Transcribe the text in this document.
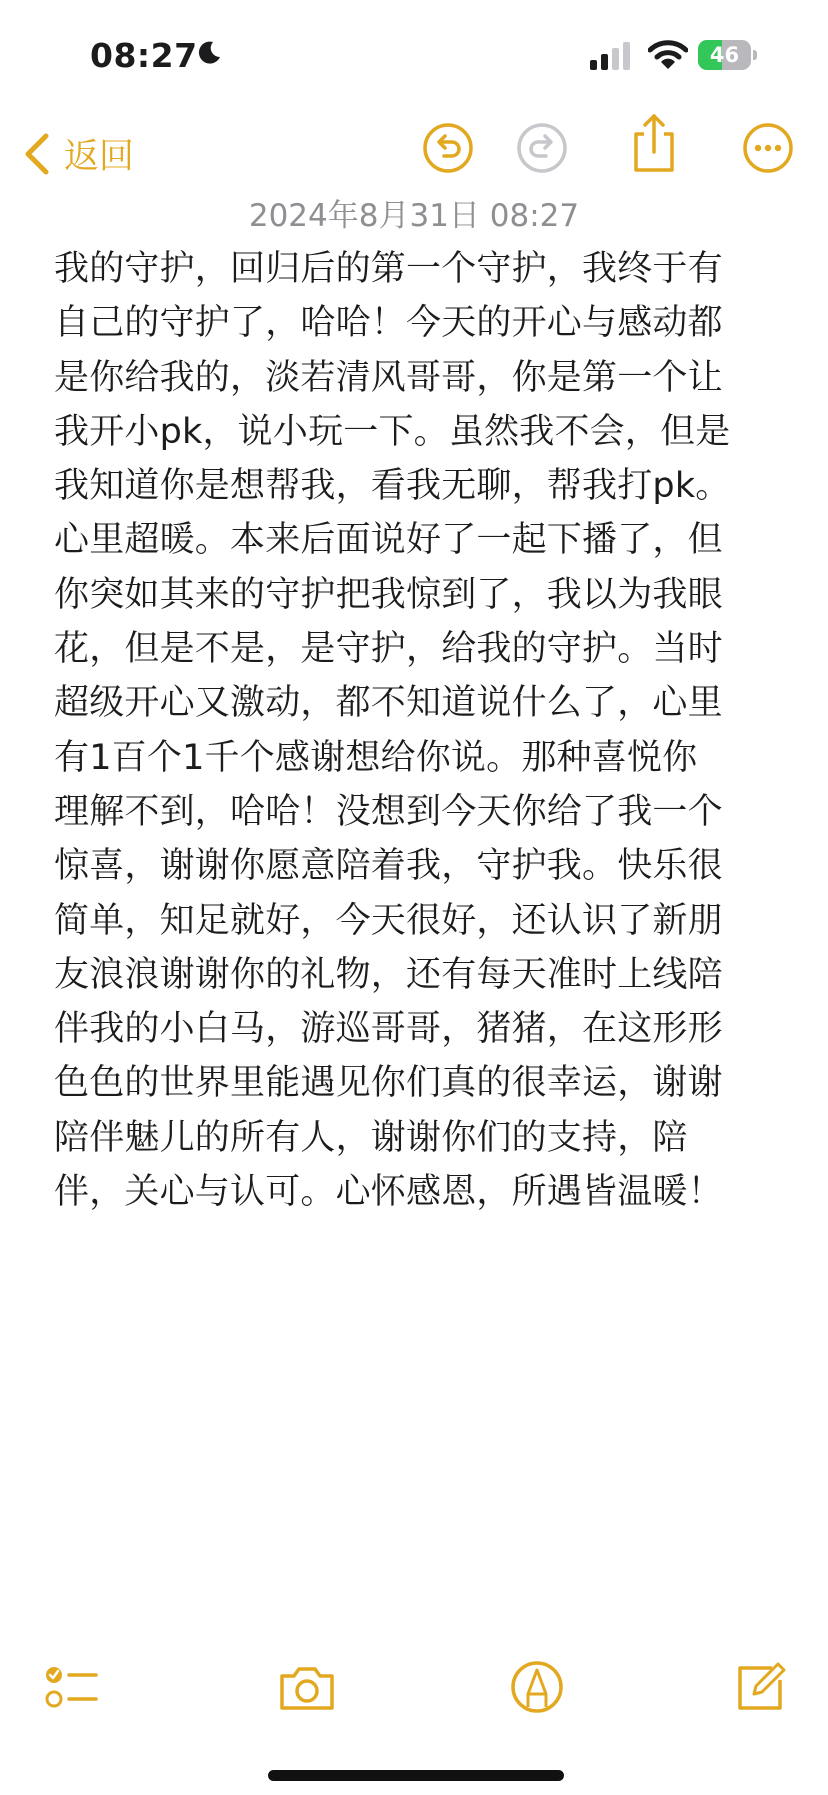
08:27	46
返回
2024年8月31日 08:27
我的守护，回归后的第一个守护，我终于有
自己的守护了，哈哈！今天的开心与感动都
是你给我的，淡若清风哥哥，你是第一个让
我开小pk，说小玩一下。虽然我不会，但是
我知道你是想帮我，看我无聊，帮我打pk。
心里超暖。本来后面说好了一起下播了，但
你突如其来的守护把我惊到了，我以为我眼
花，但是不是，是守护，给我的守护。当时
超级开心又激动，都不知道说什么了，心里
有1百个1千个感谢想给你说。那种喜悦你
理解不到，哈哈！没想到今天你给了我一个
惊喜，谢谢你愿意陪着我，守护我。快乐很
简单，知足就好，今天很好，还认识了新朋
友浪浪谢谢你的礼物，还有每天准时上线陪
伴我的小白马，游巡哥哥，猪猪，在这形形
色色的世界里能遇见你们真的很幸运，谢谢
陪伴魅儿的所有人，谢谢你们的支持，陪
伴，关心与认可。心怀感恩，所遇皆温暖！
